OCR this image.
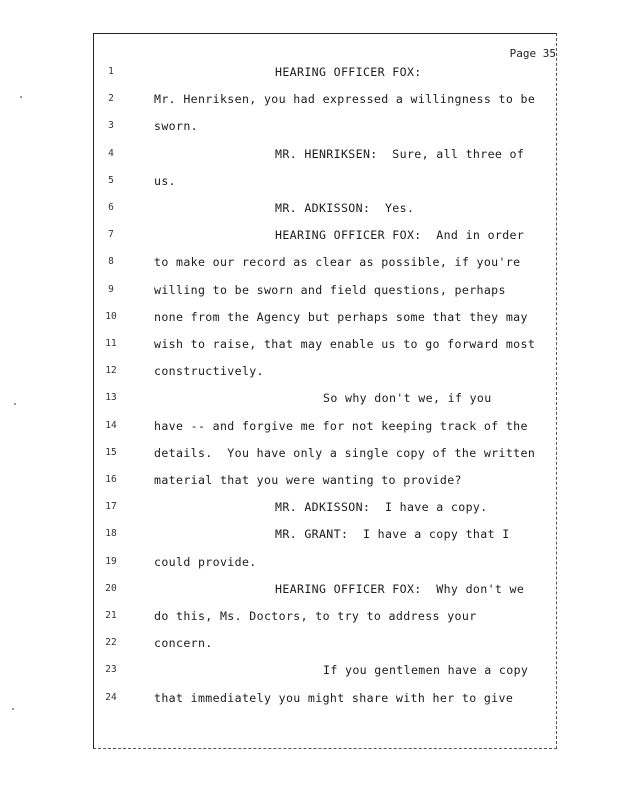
Page 35
1	HEARING OFFICER FOX:
2	Mr. Henriksen, you had expressed a willingness to be
3	sworn.
4	MR. HENRIKSEN:  Sure, all three of
5	us.
6	MR. ADKISSON:  Yes.
7	HEARING OFFICER FOX:  And in order
8	to make our record as clear as possible, if you're
9	willing to be sworn and field questions, perhaps
10	none from the Agency but perhaps some that they may
11	wish to raise, that may enable us to go forward most
12	constructively.
13	So why don't we, if you
14	have -- and forgive me for not keeping track of the
15	details.  You have only a single copy of the written
16	material that you were wanting to provide?
17	MR. ADKISSON:  I have a copy.
18	MR. GRANT:  I have a copy that I
19	could provide.
20	HEARING OFFICER FOX:  Why don't we
21	do this, Ms. Doctors, to try to address your
22	concern.
23	If you gentlemen have a copy
24	that immediately you might share with her to give
